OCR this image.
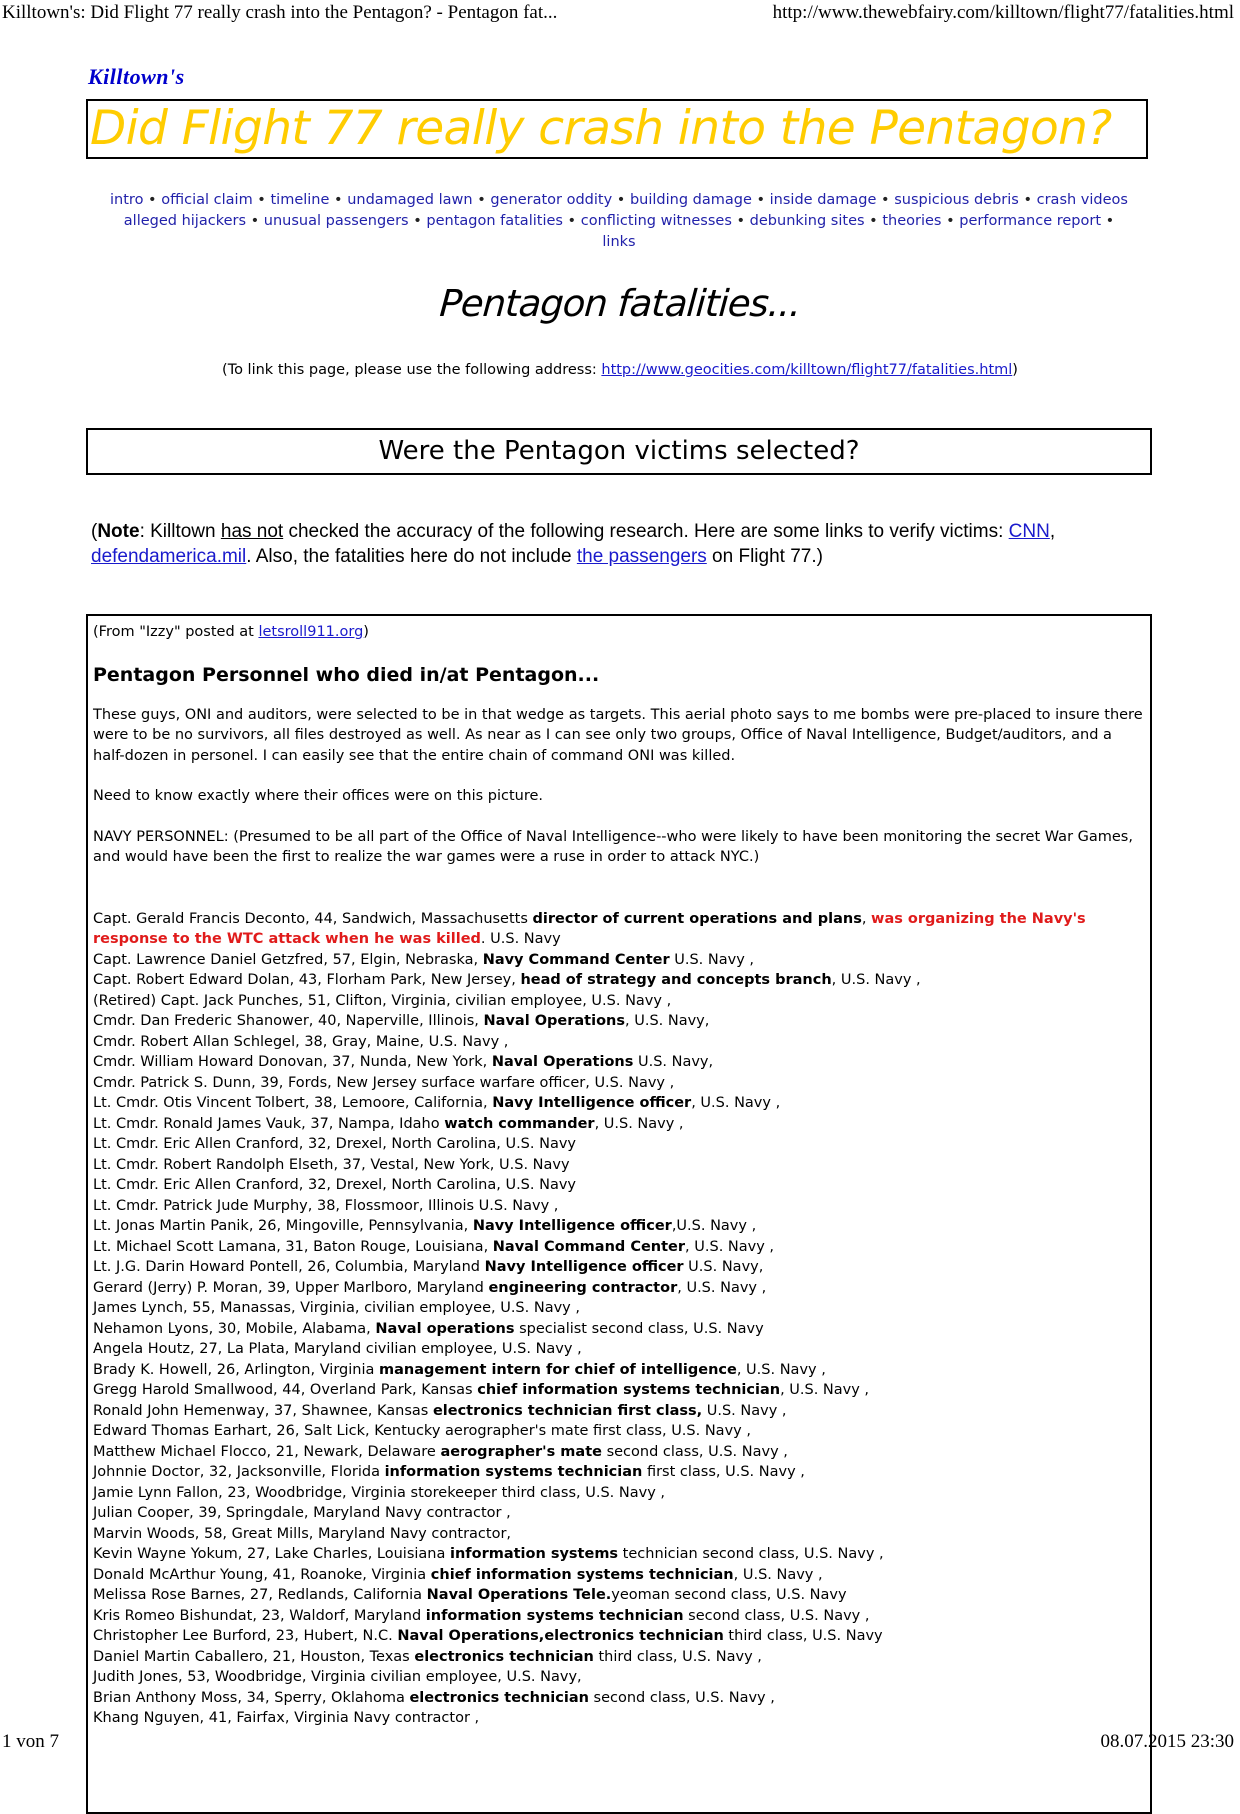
Killtown's: Did Flight 77 really crash into the Pentagon? - Pentagon fat...	http://www.thewebfairy.com/killtown/flight77/fatalities.html
Killtown's
Did Flight 77 really crash into the Pentagon?
intro • official claim • timeline • undamaged lawn • generator oddity • building damage • inside damage • suspicious debris • crash videos
alleged hijackers • unusual passengers • pentagon fatalities • conflicting witnesses • debunking sites • theories • performance report •
links
Pentagon fatalities...
(To link this page, please use the following address: http://www.geocities.com/killtown/flight77/fatalities.html)
Were the Pentagon victims selected?
(Note: Killtown has not checked the accuracy of the following research. Here are some links to verify victims: CNN, defendamerica.mil. Also, the fatalities here do not include the passengers on Flight 77.)

(From "Izzy" posted at letsroll911.org)

Pentagon Personnel who died in/at Pentagon...

These guys, ONI and auditors, were selected to be in that wedge as targets. This aerial photo says to me bombs were pre-placed to insure there were to be no survivors, all files destroyed as well. As near as I can see only two groups, Office of Naval Intelligence, Budget/auditors, and a half-dozen in personel. I can easily see that the entire chain of command ONI was killed.

Need to know exactly where their offices were on this picture.

NAVY PERSONNEL: (Presumed to be all part of the Office of Naval Intelligence--who were likely to have been monitoring the secret War Games, and would have been the first to realize the war games were a ruse in order to attack NYC.)

Capt. Gerald Francis Deconto, 44, Sandwich, Massachusetts director of current operations and plans, was organizing the Navy's response to the WTC attack when he was killed. U.S. Navy
Capt. Lawrence Daniel Getzfred, 57, Elgin, Nebraska, Navy Command Center U.S. Navy ,
Capt. Robert Edward Dolan, 43, Florham Park, New Jersey, head of strategy and concepts branch, U.S. Navy ,
(Retired) Capt. Jack Punches, 51, Clifton, Virginia, civilian employee, U.S. Navy ,
Cmdr. Dan Frederic Shanower, 40, Naperville, Illinois, Naval Operations, U.S. Navy,
Cmdr. Robert Allan Schlegel, 38, Gray, Maine, U.S. Navy ,
Cmdr. William Howard Donovan, 37, Nunda, New York, Naval Operations U.S. Navy,
Cmdr. Patrick S. Dunn, 39, Fords, New Jersey surface warfare officer, U.S. Navy ,
Lt. Cmdr. Otis Vincent Tolbert, 38, Lemoore, California, Navy Intelligence officer, U.S. Navy ,
Lt. Cmdr. Ronald James Vauk, 37, Nampa, Idaho watch commander, U.S. Navy ,
Lt. Cmdr. Eric Allen Cranford, 32, Drexel, North Carolina, U.S. Navy
Lt. Cmdr. Robert Randolph Elseth, 37, Vestal, New York, U.S. Navy
Lt. Cmdr. Eric Allen Cranford, 32, Drexel, North Carolina, U.S. Navy
Lt. Cmdr. Patrick Jude Murphy, 38, Flossmoor, Illinois U.S. Navy ,
Lt. Jonas Martin Panik, 26, Mingoville, Pennsylvania, Navy Intelligence officer,U.S. Navy ,
Lt. Michael Scott Lamana, 31, Baton Rouge, Louisiana, Naval Command Center, U.S. Navy ,
Lt. J.G. Darin Howard Pontell, 26, Columbia, Maryland Navy Intelligence officer U.S. Navy,
Gerard (Jerry) P. Moran, 39, Upper Marlboro, Maryland engineering contractor, U.S. Navy ,
James Lynch, 55, Manassas, Virginia, civilian employee, U.S. Navy ,
Nehamon Lyons, 30, Mobile, Alabama, Naval operations specialist second class, U.S. Navy
Angela Houtz, 27, La Plata, Maryland civilian employee, U.S. Navy ,
Brady K. Howell, 26, Arlington, Virginia management intern for chief of intelligence, U.S. Navy ,
Gregg Harold Smallwood, 44, Overland Park, Kansas chief information systems technician, U.S. Navy ,
Ronald John Hemenway, 37, Shawnee, Kansas electronics technician first class, U.S. Navy ,
Edward Thomas Earhart, 26, Salt Lick, Kentucky aerographer's mate first class, U.S. Navy ,
Matthew Michael Flocco, 21, Newark, Delaware aerographer's mate second class, U.S. Navy ,
Johnnie Doctor, 32, Jacksonville, Florida information systems technician first class, U.S. Navy ,
Jamie Lynn Fallon, 23, Woodbridge, Virginia storekeeper third class, U.S. Navy ,
Julian Cooper, 39, Springdale, Maryland Navy contractor ,
Marvin Woods, 58, Great Mills, Maryland Navy contractor,
Kevin Wayne Yokum, 27, Lake Charles, Louisiana information systems technician second class, U.S. Navy ,
Donald McArthur Young, 41, Roanoke, Virginia chief information systems technician, U.S. Navy ,
Melissa Rose Barnes, 27, Redlands, California Naval Operations Tele.yeoman second class, U.S. Navy
Kris Romeo Bishundat, 23, Waldorf, Maryland information systems technician second class, U.S. Navy ,
Christopher Lee Burford, 23, Hubert, N.C. Naval Operations,electronics technician third class, U.S. Navy
Daniel Martin Caballero, 21, Houston, Texas electronics technician third class, U.S. Navy ,
Judith Jones, 53, Woodbridge, Virginia civilian employee, U.S. Navy,
Brian Anthony Moss, 34, Sperry, Oklahoma electronics technician second class, U.S. Navy ,
Khang Nguyen, 41, Fairfax, Virginia Navy contractor ,
1 von 7	08.07.2015 23:30
